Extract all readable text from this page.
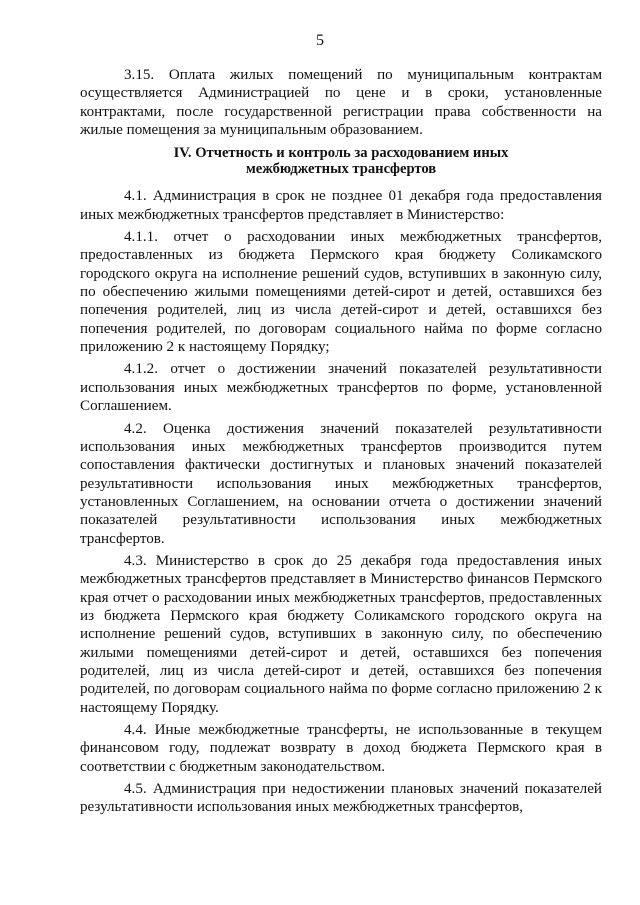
5

3.15. Оплата жилых помещений по муниципальным контрактам осуществляется Администрацией по цене и в сроки, установленные контрактами, после государственной регистрации права собственности на жилые помещения за муниципальным образованием.

IV. Отчетность и контроль за расходованием иных
межбюджетных трансфертов

4.1. Администрация в срок не позднее 01 декабря года предоставления иных межбюджетных трансфертов представляет в Министерство:

4.1.1. отчет о расходовании иных межбюджетных трансфертов, предоставленных из бюджета Пермского края бюджету Соликамского городского округа на исполнение решений судов, вступивших в законную силу, по обеспечению жилыми помещениями детей-сирот и детей, оставшихся без попечения родителей, лиц из числа детей-сирот и детей, оставшихся без попечения родителей, по договорам социального найма по форме согласно приложению 2 к настоящему Порядку;

4.1.2. отчет о достижении значений показателей результативности использования иных межбюджетных трансфертов по форме, установленной Соглашением.

4.2. Оценка достижения значений показателей результативности использования иных межбюджетных трансфертов производится путем сопоставления фактически достигнутых и плановых значений показателей результативности использования иных межбюджетных трансфертов, установленных Соглашением, на основании отчета о достижении значений показателей результативности использования иных межбюджетных трансфертов.

4.3. Министерство в срок до 25 декабря года предоставления иных межбюджетных трансфертов представляет в Министерство финансов Пермского края отчет о расходовании иных межбюджетных трансфертов, предоставленных из бюджета Пермского края бюджету Соликамского городского округа на исполнение решений судов, вступивших в законную силу, по обеспечению жилыми помещениями детей-сирот и детей, оставшихся без попечения родителей, лиц из числа детей-сирот и детей, оставшихся без попечения родителей, по договорам социального найма по форме согласно приложению 2 к настоящему Порядку.

4.4. Иные межбюджетные трансферты, не использованные в текущем финансовом году, подлежат возврату в доход бюджета Пермского края в соответствии с бюджетным законодательством.

4.5. Администрация при недостижении плановых значений показателей результативности использования иных межбюджетных трансфертов,
